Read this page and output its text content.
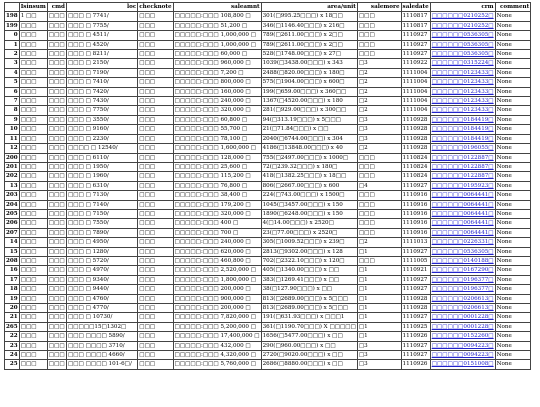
	Isinsum	cmd	loc	checknote	saleamnt	area/unit	salemore	saledate	crm	comment
198	1 □□	□□□	□□□ □ 7741/	□□□	□□□□□:□□□ 108,800 □	301(□995.25□□□) x 18□□	□□□	1110817	□□□□□□0210252□	None
199	□□□	□□□	□□□ □ 7755/	□□□	□□□□□:□□□ 51,200 □	346(□1146.40□□□) x 216□	□□□	1110817	□□□□□□0210252□	None
0	□□□	□□□	□□□ □ 4511/	□□□	□□□□□:□□□ 1,000,000 □	789(□2611.00□□□) x 2□□	□□□	1110927	□□□□□□0536305□	None
1	□□□	□□□	□□□ □ 4520/	□□□	□□□□□:□□□ 1,000,000 □	789(□2611.00□□□) x 2□□	□□□	1110927	□□□□□□0536305□	None
2	□□□	□□□	□□□ □ 8211/	□□□	□□□□□:□□□ 60,000 □	528(□1748.00□□□) x 27□	□□□	1110927	□□□□□□0536305□	None
3	□□□	□□□	□□□ □ 2150/	□□□	□□□□□:□□□ 960,000 □	1039(□3438.00□□□) x 343	□3	1110922	□□□□□□0315224□	None
4	□□□	□□□	□□□ □ 7190/	□□□	□□□□□:□□□ 7,200 □	2488(□820.00□□□) x 180□	□2	1111004	□□□□□□0123433□	None
5	□□□	□□□	□□□ □ 7410/	□□□	□□□□□:□□□ 800,000 □	575(□1904.00□□□) x 600□	□2	1111004	□□□□□□0123433□	None
6	□□□	□□□	□□□ □ 7420/	□□□	□□□□□:□□□ 160,000 □	199(□659.00□□□) x 360□□	□2	1111004	□□□□□□0123433□	None
7	□□□	□□□	□□□ □ 7430/	□□□	□□□□□:□□□ 240,000 □	1367(□4520.00□□□) x 180	□2	1111004	□□□□□□0123433□	None
8	□□□	□□□	□□□ □ 7750/	□□□	□□□□□:□□□ 320,000 □	281(□929.00□□□) x 300□□	□2	1111004	□□□□□□0123433□	None
9	□□□	□□□	□□□ □ 3550/	□□□	□□□□□:□□□ 60,800 □	94(□313.19□□□) x 5□□□	□3	1110928	□□□□□□0184419□	None
10	□□□	□□□	□□□ □ 9160/	□□□	□□□□□:□□□ 55,700 □	21(□71.84□□□) x □□	□3	1110928	□□□□□□0184419□	None
11	□□□	□□□	□□□ □ 2230/	□□□	□□□□□:□□□ 78,100 □	2040(□6744.00□□□) x 304	□3	1110928	□□□□□□0184419□	None
12	□□□	□□□	□□□□ □ 12540/	□□□	□□□□□:□□□ 1,600,000 □	4186(□13848.00□□□) x 40	□2	1110928	□□□□□□0196055□	None
200	□□□	□□□	□□□ □ 6110/	□□□	□□□□□:□□□ 128,000 □	755(□2497.00□□□) x 1000□	□□□	1110824	□□□□□□0122887□	None
201	□□□	□□□	□□□ □ 1950/	□□□	□□□□□:□□□ 25,600 □	72(□239.32□□□) x 180□	□□□	1110824	□□□□□□0122887□	None
202	□□□	□□□	□□□ □ 1960/	□□□	□□□□□:□□□ 115,200 □	418(□1382.25□□□) x 18□□	□□□	1110824	□□□□□□0122887□	None
13	□□□	□□□	□□□ □ 6310/	□□□	□□□□□:□□□ 76,800 □	806(□2667.00□□□) x 600	□4	1110927	□□□□□□0195923□	None
203	□□□	□□□	□□□ □ 7130/	□□□	□□□□□:□□□ 38,400 □	224(□743.00□□□) x 1500□	□□□	1110916	□□□□□□0064441□	None
204	□□□	□□□	□□□ □ 7140/	□□□	□□□□□:□□□ 179,200 □	1045(□3457.00□□□) x 150	□□□	1110916	□□□□□□0064441□	None
205	□□□	□□□	□□□ □ 7150/	□□□	□□□□□:□□□ 320,000 □	1890(□6248.00□□□) x 150	□□□	1110916	□□□□□□0064441□	None
206	□□□	□□□	□□□ □ 7550/	□□□	□□□□□:□□□ 400 □	4(□14.00□□□) x 2520□	□□□	1110916	□□□□□□0064441□	None
207	□□□	□□□	□□□ □ 7890/	□□□	□□□□□:□□□ 700 □	23(□77.00□□□) x 2520□	□□□	1110916	□□□□□□0064441□	None
14	□□□	□□□	□□□ □ 4950/	□□□	□□□□□:□□□ 240,000 □	305(□1009.52□□□) x 239□	□2	1111013	□□□□□□0226331□	None
15	□□□	□□□	□□□ □ 1280/	□□□	□□□□□:□□□ 620,000 □	2813(□9302.00□□□) x 128	□1	1110927	□□□□□□0536305□	None
208	□□□	□□□	□□□ □ 5720/	□□□	□□□□□:□□□ 460,800 □	702(□2322.10□□□) x 120□	□□□	1111005	□□□□□□0140188□	None
16	□□□	□□□	□□□ □ 4970/	□□□	□□□□□:□□□ 2,520,000 □	405(□1340.00□□□) x □□	□1	1110921	□□□□□□0167290□	None
17	□□□	□□□	□□□ □ 9340/	□□□	□□□□□:□□□ 1,800,000 □	383(□1269.41□□□) x □□	□1	1110927	□□□□□□0196377□	None
18	□□□	□□□	□□□ □ 9440/	□□□	□□□□□:□□□ 200,000 □	38(□127.90□□□) x □□	□1	1110927	□□□□□□0196377□	None
19	□□□	□□□	□□□ □ 4760/	□□□	□□□□□:□□□ 900,000 □	813(□2689.00□□□) x 5□□□	□1	1110928	□□□□□□0206613□	None
20	□□□	□□□	□□□ □ 4770/	□□□	□□□□□:□□□ 200,000 □	813(□2689.00□□□) x 5□□□	□1	1110928	□□□□□□0206613□	None
21	□□□	□□□	□□□ □ 10730/	□□□	□□□□□:□□□ 7,820,000 □	191(□631.93□□□) x □□□1	□1	1110927	□□□□□□0001228□	None
265	□□□	□□□	□□□□□15□1302□	□□□	□□□□□:□□□ 5,200,000 □	361(□1190.70□□□) X □□□□□	□1	1110925	□□□□□□0001228□	None
22	□□□	□□□	□□□ □□□□ 5890/	□□□	□□□□□:□□□ 17,400,000 □	1656(□5477.00□□□) x □□	□1	1110926	□□□□□□0152260□	None
23	□□□	□□□	□□□ □□□□ 3710/	□□□	□□□□□:□□□ 432,000 □	290(□960.00□□□) x □□	□3	1110927	□□□□□□0094223□	None
24	□□□	□□□	□□□ □□□□ 4660/	□□□	□□□□□:□□□ 4,320,000 □	2720(□9020.00□□□) x □□	□3	1110927	□□□□□□0094223□	None
25	□□□	□□□	□□□ □□□□ 101-6□/	□□□	□□□□□:□□□ 5,760,000 □	2686(□8880.00□□□) x □□	□3	1110926	□□□□□□0151008□	None
